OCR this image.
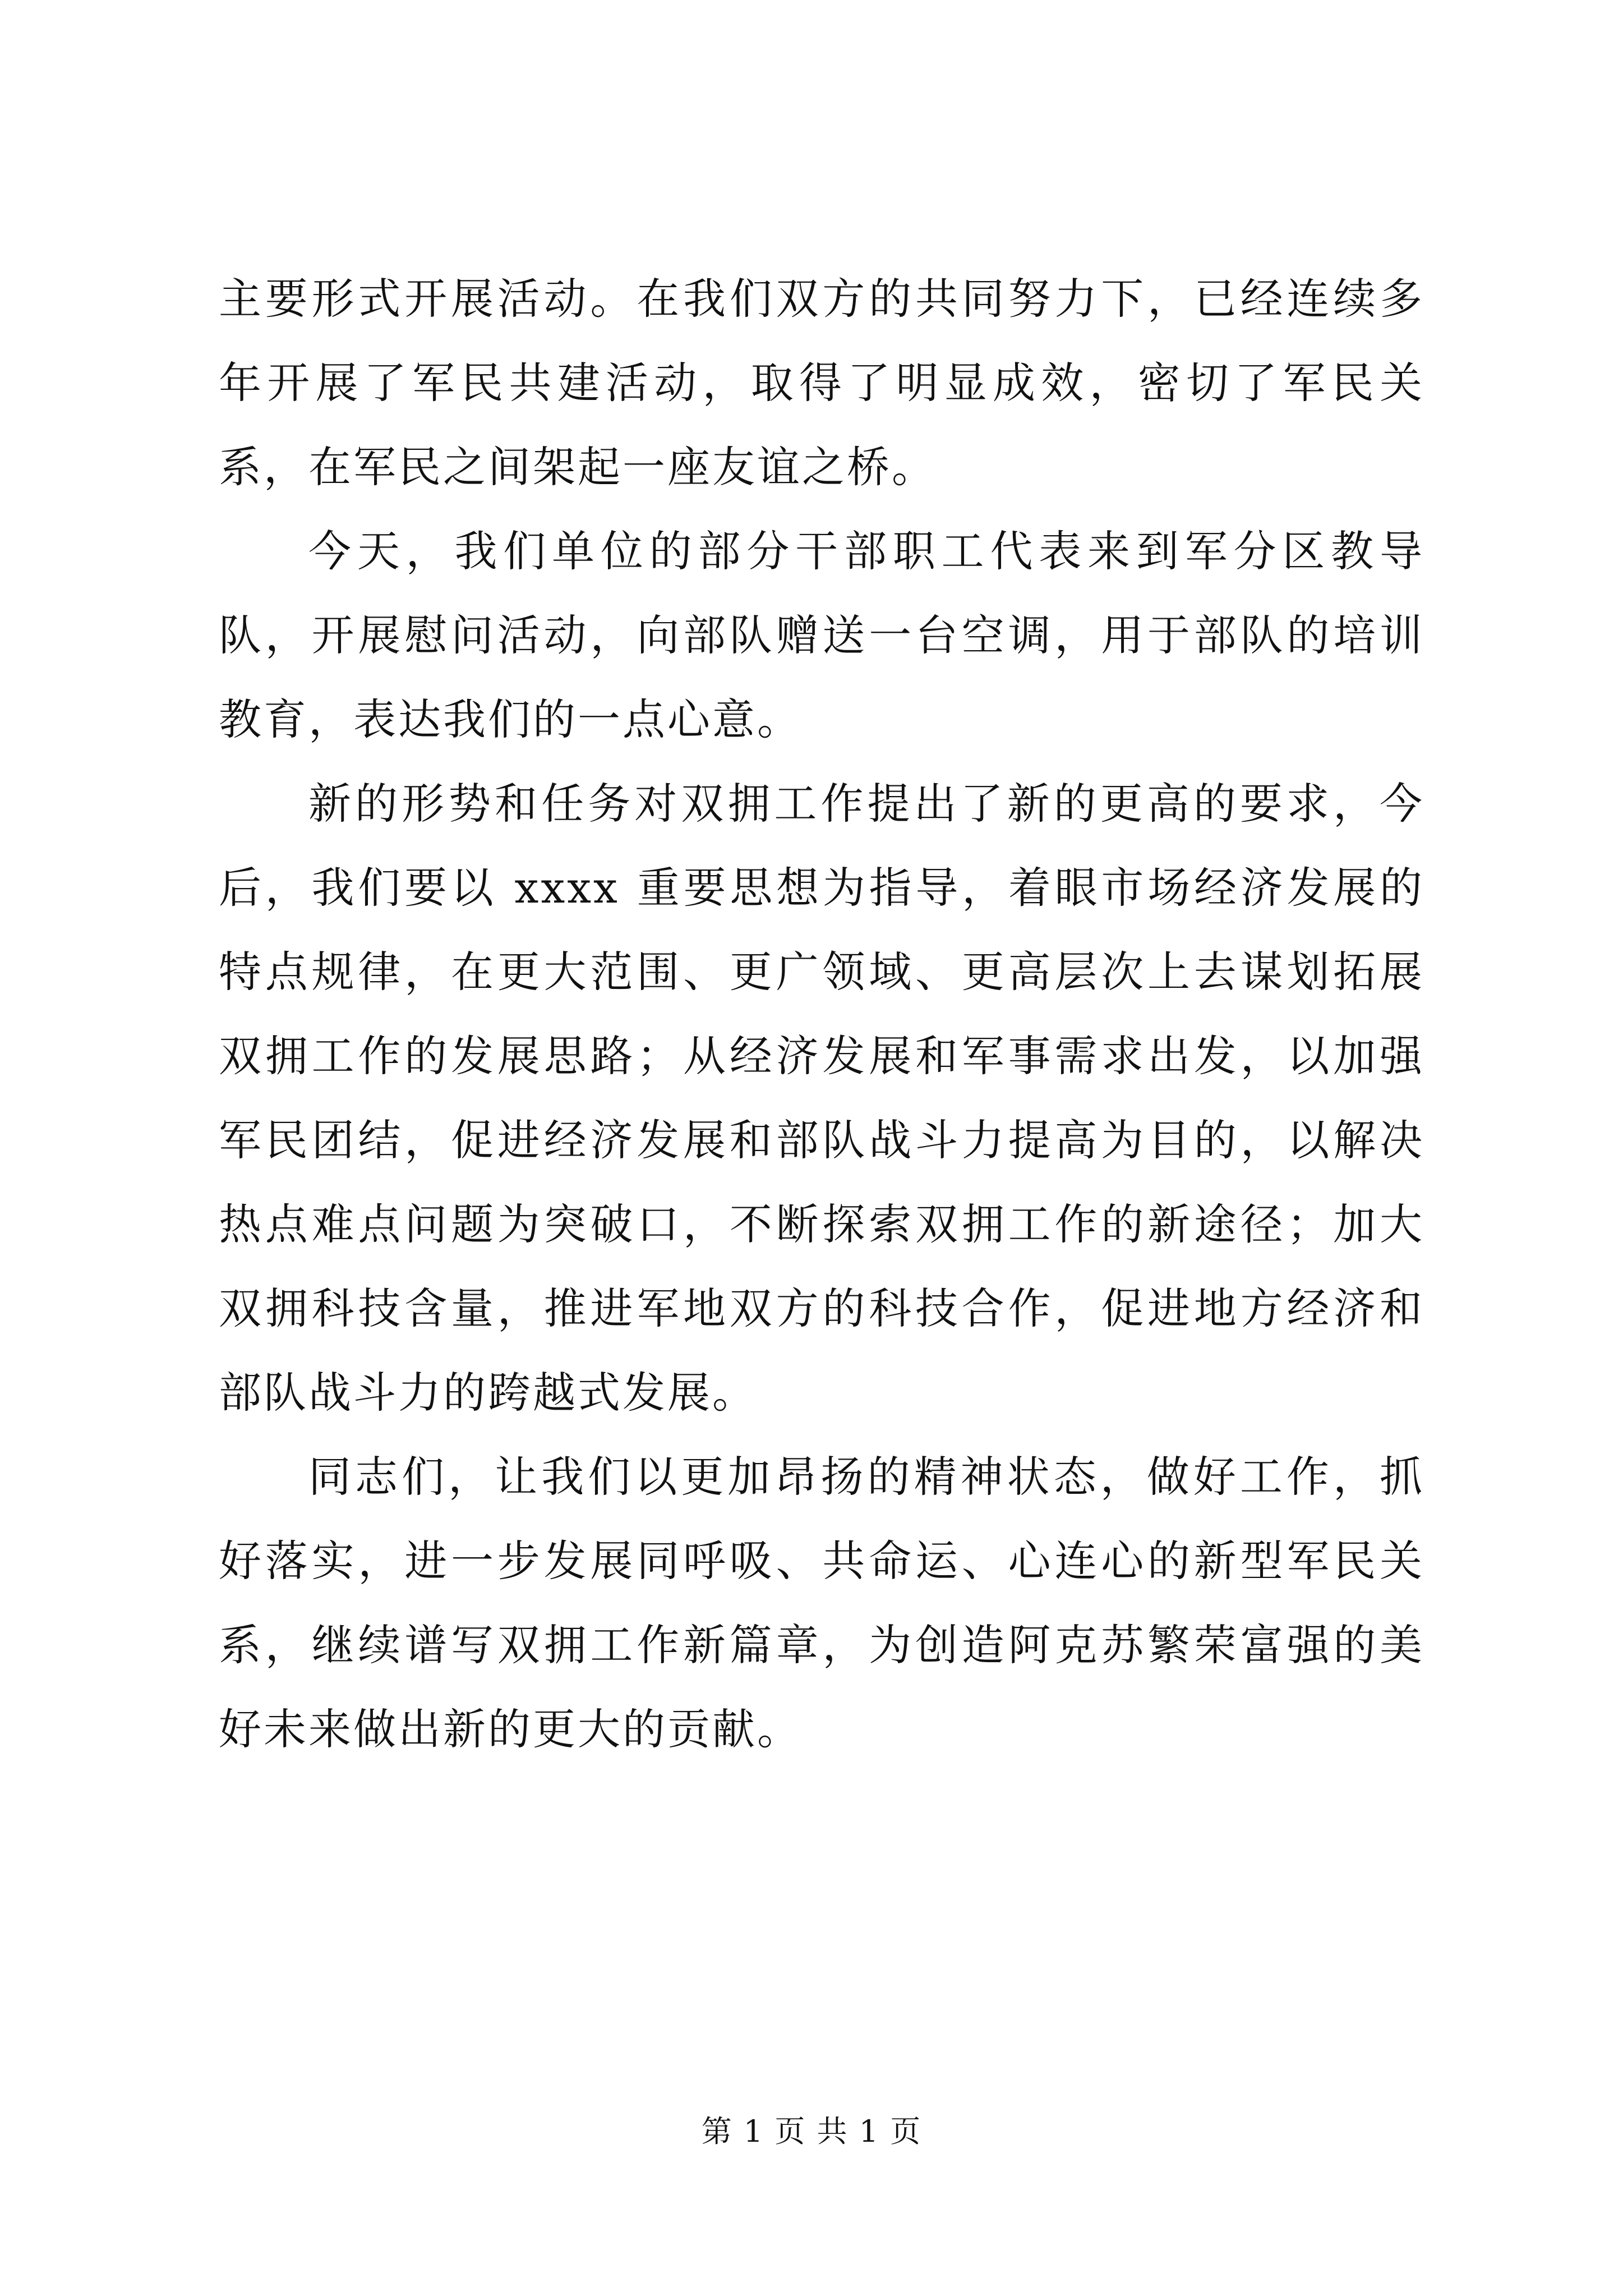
主要形式开展活动。在我们双方的共同努力下，已经连续多年开展了军民共建活动，取得了明显成效，密切了军民关系，在军民之间架起一座友谊之桥。

今天，我们单位的部分干部职工代表来到军分区教导队，开展慰问活动，向部队赠送一台空调，用于部队的培训教育，表达我们的一点心意。

新的形势和任务对双拥工作提出了新的更高的要求，今后，我们要以 xxxx 重要思想为指导，着眼市场经济发展的特点规律，在更大范围、更广领域、更高层次上去谋划拓展双拥工作的发展思路；从经济发展和军事需求出发，以加强军民团结，促进经济发展和部队战斗力提高为目的，以解决热点难点问题为突破口，不断探索双拥工作的新途径；加大双拥科技含量，推进军地双方的科技合作，促进地方经济和部队战斗力的跨越式发展。

同志们，让我们以更加昂扬的精神状态，做好工作，抓好落实，进一步发展同呼吸、共命运、心连心的新型军民关系，继续谱写双拥工作新篇章，为创造阿克苏繁荣富强的美好未来做出新的更大的贡献。

第 1 页 共 1 页
